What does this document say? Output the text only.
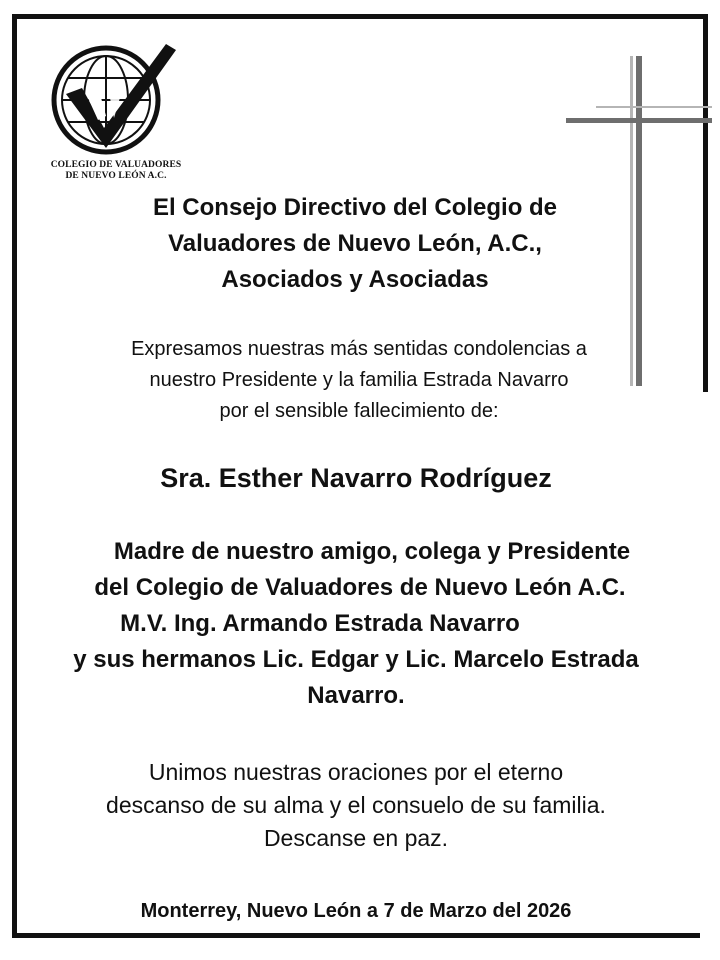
COLEGIO DE VALUADORES
DE NUEVO LEÓN A.C.
El Consejo Directivo del Colegio de
Valuadores de Nuevo León, A.C.,
Asociados y Asociadas
Expresamos nuestras más sentidas condolencias a
nuestro Presidente y la familia Estrada Navarro
por el sensible fallecimiento de:
Sra. Esther Navarro Rodríguez
Madre de nuestro amigo, colega y Presidente
del Colegio de Valuadores de Nuevo León A.C.
M.V. Ing. Armando Estrada Navarro
y sus hermanos Lic. Edgar y Lic. Marcelo Estrada
Navarro.
Unimos nuestras oraciones por el eterno
descanso de su alma y el consuelo de su familia.
Descanse en paz.
Monterrey, Nuevo León a 7 de Marzo del 2026
